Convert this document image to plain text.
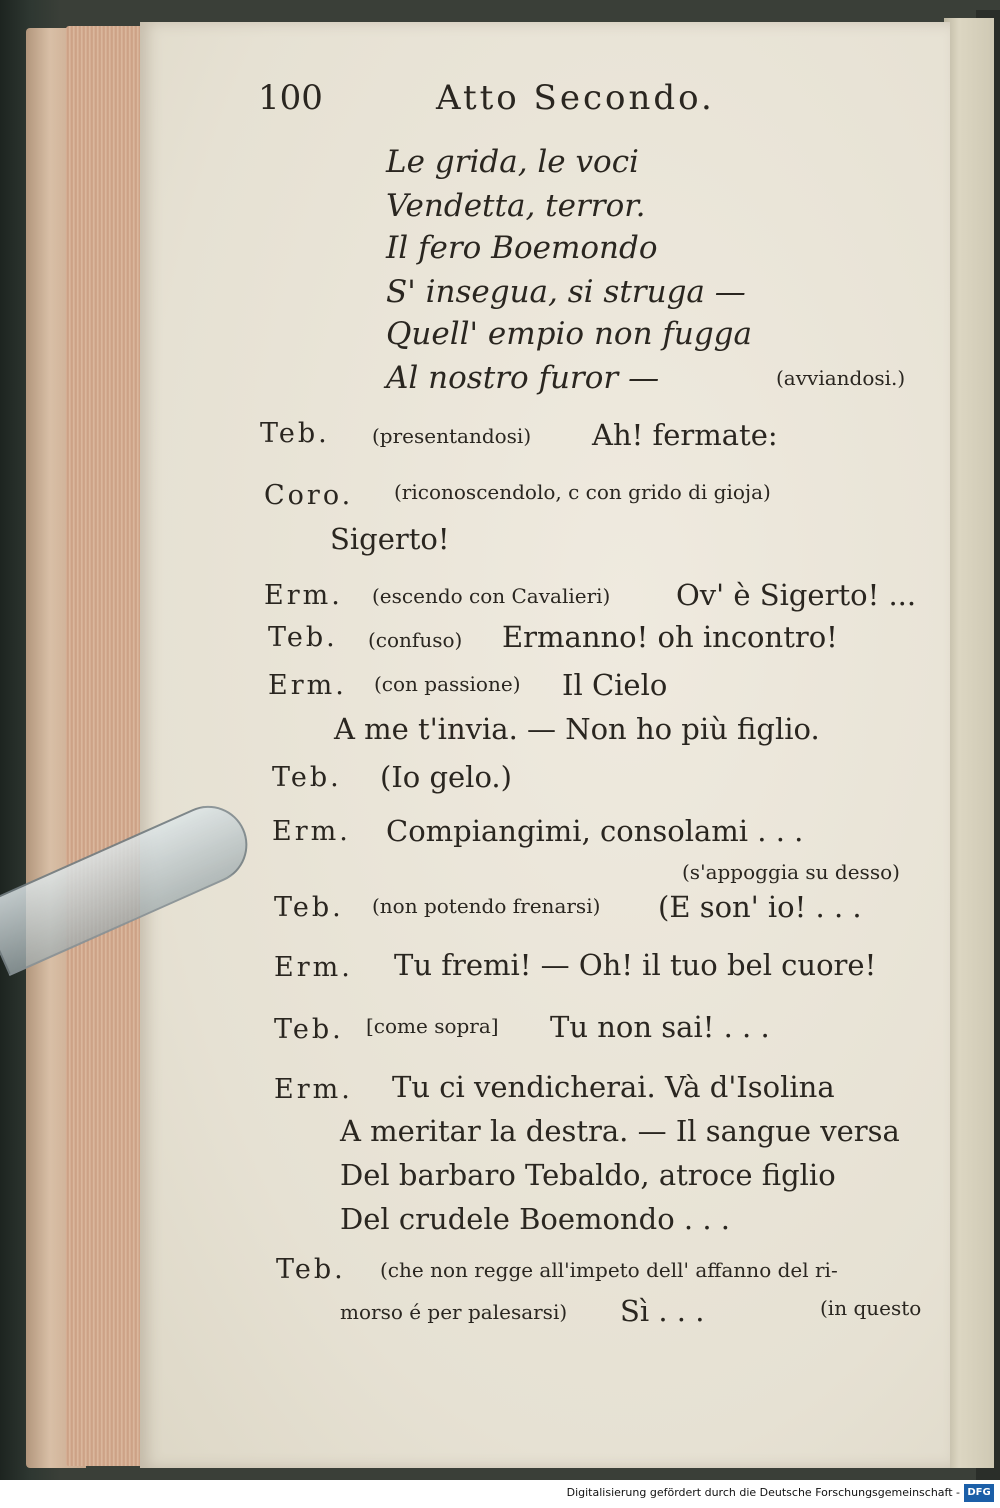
100	Atto Secondo.
Le grida, le voci
Vendetta, terror.
Il fero Boemondo
S' insegua, si struga —
Quell' empio non fugga
Al nostro furor —	(avviandosi.)
Teb. (presentandosi) Ah! fermate:
Coro. (riconoscendolo, c con grido di gioja)
Sigerto!
Erm. (escendo con Cavalieri) Ov' è Sigerto! ...
Teb. (confuso) Ermanno! oh incontro!
Erm. (con passione) Il Cielo
A me t'invia. — Non ho più figlio.
Teb. (Io gelo.)
Erm. Compiangimi, consolami . . .
(s'appoggia su desso)
Teb. (non potendo frenarsi) (E son' io! . . .
Erm. Tu fremi! — Oh! il tuo bel cuore!
Teb. [come sopra] Tu non sai! . . .
Erm. Tu ci vendicherai. Và d'Isolina
A meritar la destra. — Il sangue versa
Del barbaro Tebaldo, atroce figlio
Del crudele Boemondo . . .
Teb. (che non regge all'impeto dell' affanno del ri-
morso é per palesarsi) Sì . . .	(in questo
Digitalisierung gefördert durch die Deutsche Forschungsgemeinschaft - DFG
